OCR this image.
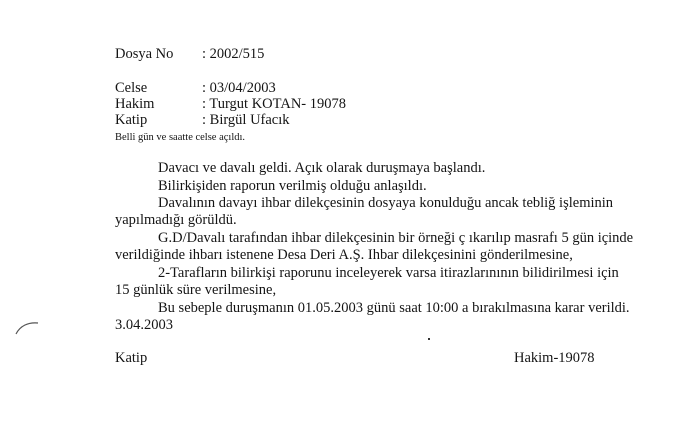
Dosya No : 2002/515
Celse	: 03/04/2003
Hakim	: Turgut KOTAN- 19078
Katip	: Birgül Ufacık
Belli gün ve saatte celse açıldı.
Davacı ve davalı geldi. Açık olarak duruşmaya başlandı.
Bilirkişiden raporun verilmiş olduğu anlaşıldı.
Davalının davayı ihbar dilekçesinin dosyaya konulduğu ancak tebliğ işleminin
yapılmadığı görüldü.
G.D/Davalı tarafından ihbar dilekçesinin bir örneği ç ıkarılıp masrafı 5 gün içinde
verildiğinde ihbarı istenene Desa Deri A.Ş. Ihbar dilekçesinini gönderilmesine,
2-Tarafların bilirkişi raporunu inceleyerek varsa itirazlarınının bilidirilmesi için
15 günlük süre verilmesine,
Bu sebeple duruşmanın 01.05.2003 günü saat 10:00 a bırakılmasına karar verildi.
3.04.2003
Katip	Hakim-19078
